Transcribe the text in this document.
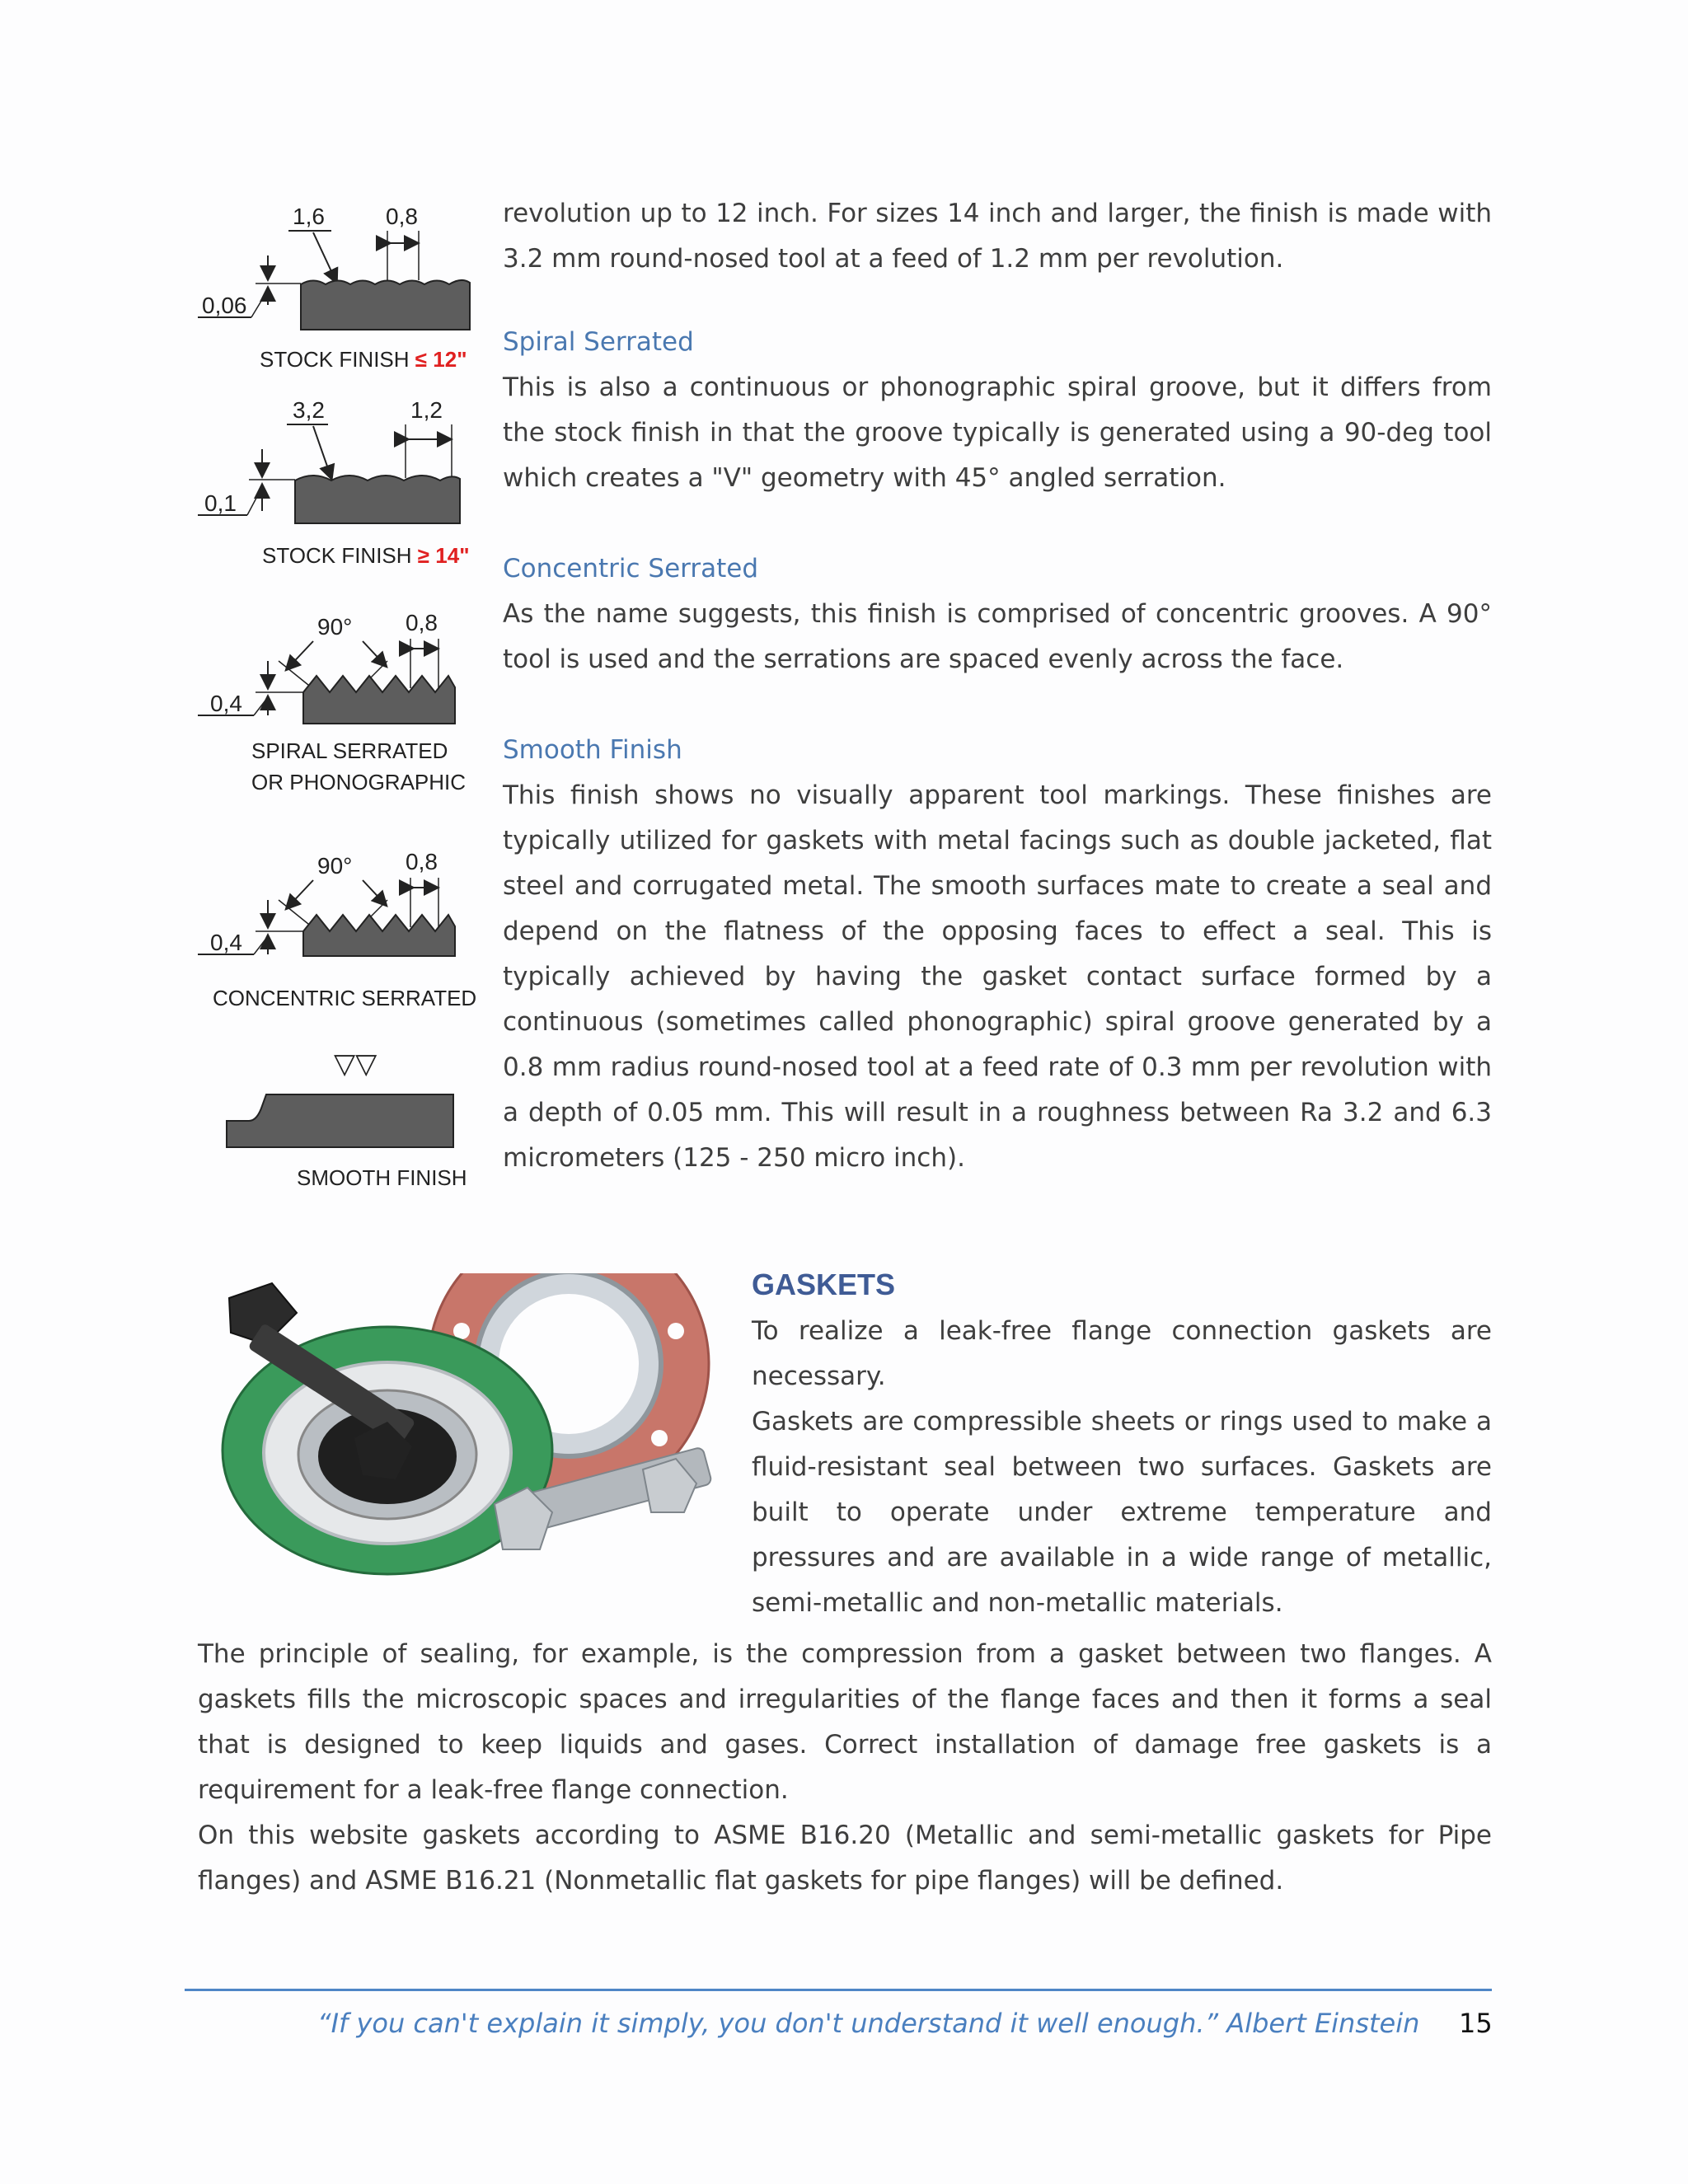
revolution up to 12 inch. For sizes 14 inch and larger, the finish is made with 3.2 mm round-nosed tool at a feed of 1.2 mm per revolution.

Spiral Serrated

This is also a continuous or phonographic spiral groove, but it differs from the stock finish in that the groove typically is generated using a 90-deg tool which creates a "V" geometry with 45° angled serration.

Concentric Serrated

As the name suggests, this finish is comprised of concentric grooves. A 90° tool is used and the serrations are spaced evenly across the face.

Smooth Finish

This finish shows no visually apparent tool markings. These finishes are typically utilized for gaskets with metal facings such as double jacketed, flat steel and corrugated metal. The smooth surfaces mate to create a seal and depend on the flatness of the opposing faces to effect a seal. This is typically achieved by having the gasket contact surface formed by a continuous (sometimes called phonographic) spiral groove generated by a 0.8 mm radius round-nosed tool at a feed rate of 0.3 mm per revolution with a depth of 0.05 mm. This will result in a roughness between Ra 3.2 and 6.3 micrometers (125 - 250 micro inch).

1,6	0,8
0,06
STOCK FINISH ≤ 12"
3,2	1,2
0,1
STOCK FINISH ≥ 14"
90° 0,8
0,4
SPIRAL SERRATED
OR PHONOGRAPHIC
90° 0,8
0,4
CONCENTRIC SERRATED
▽▽
SMOOTH FINISH

GASKETS

To realize a leak-free flange connection gaskets are necessary.

Gaskets are compressible sheets or rings used to make a fluid-resistant seal between two surfaces. Gaskets are built to operate under extreme temperature and pressures and are available in a wide range of metallic, semi-metallic and non-metallic materials.

The principle of sealing, for example, is the compression from a gasket between two flanges. A gaskets fills the microscopic spaces and irregularities of the flange faces and then it forms a seal that is designed to keep liquids and gases. Correct installation of damage free gaskets is a requirement for a leak-free flange connection.

On this website gaskets according to ASME B16.20 (Metallic and semi-metallic gaskets for Pipe flanges) and ASME B16.21 (Nonmetallic flat gaskets for pipe flanges) will be defined.

“If you can't explain it simply, you don't understand it well enough.” Albert Einstein 15
